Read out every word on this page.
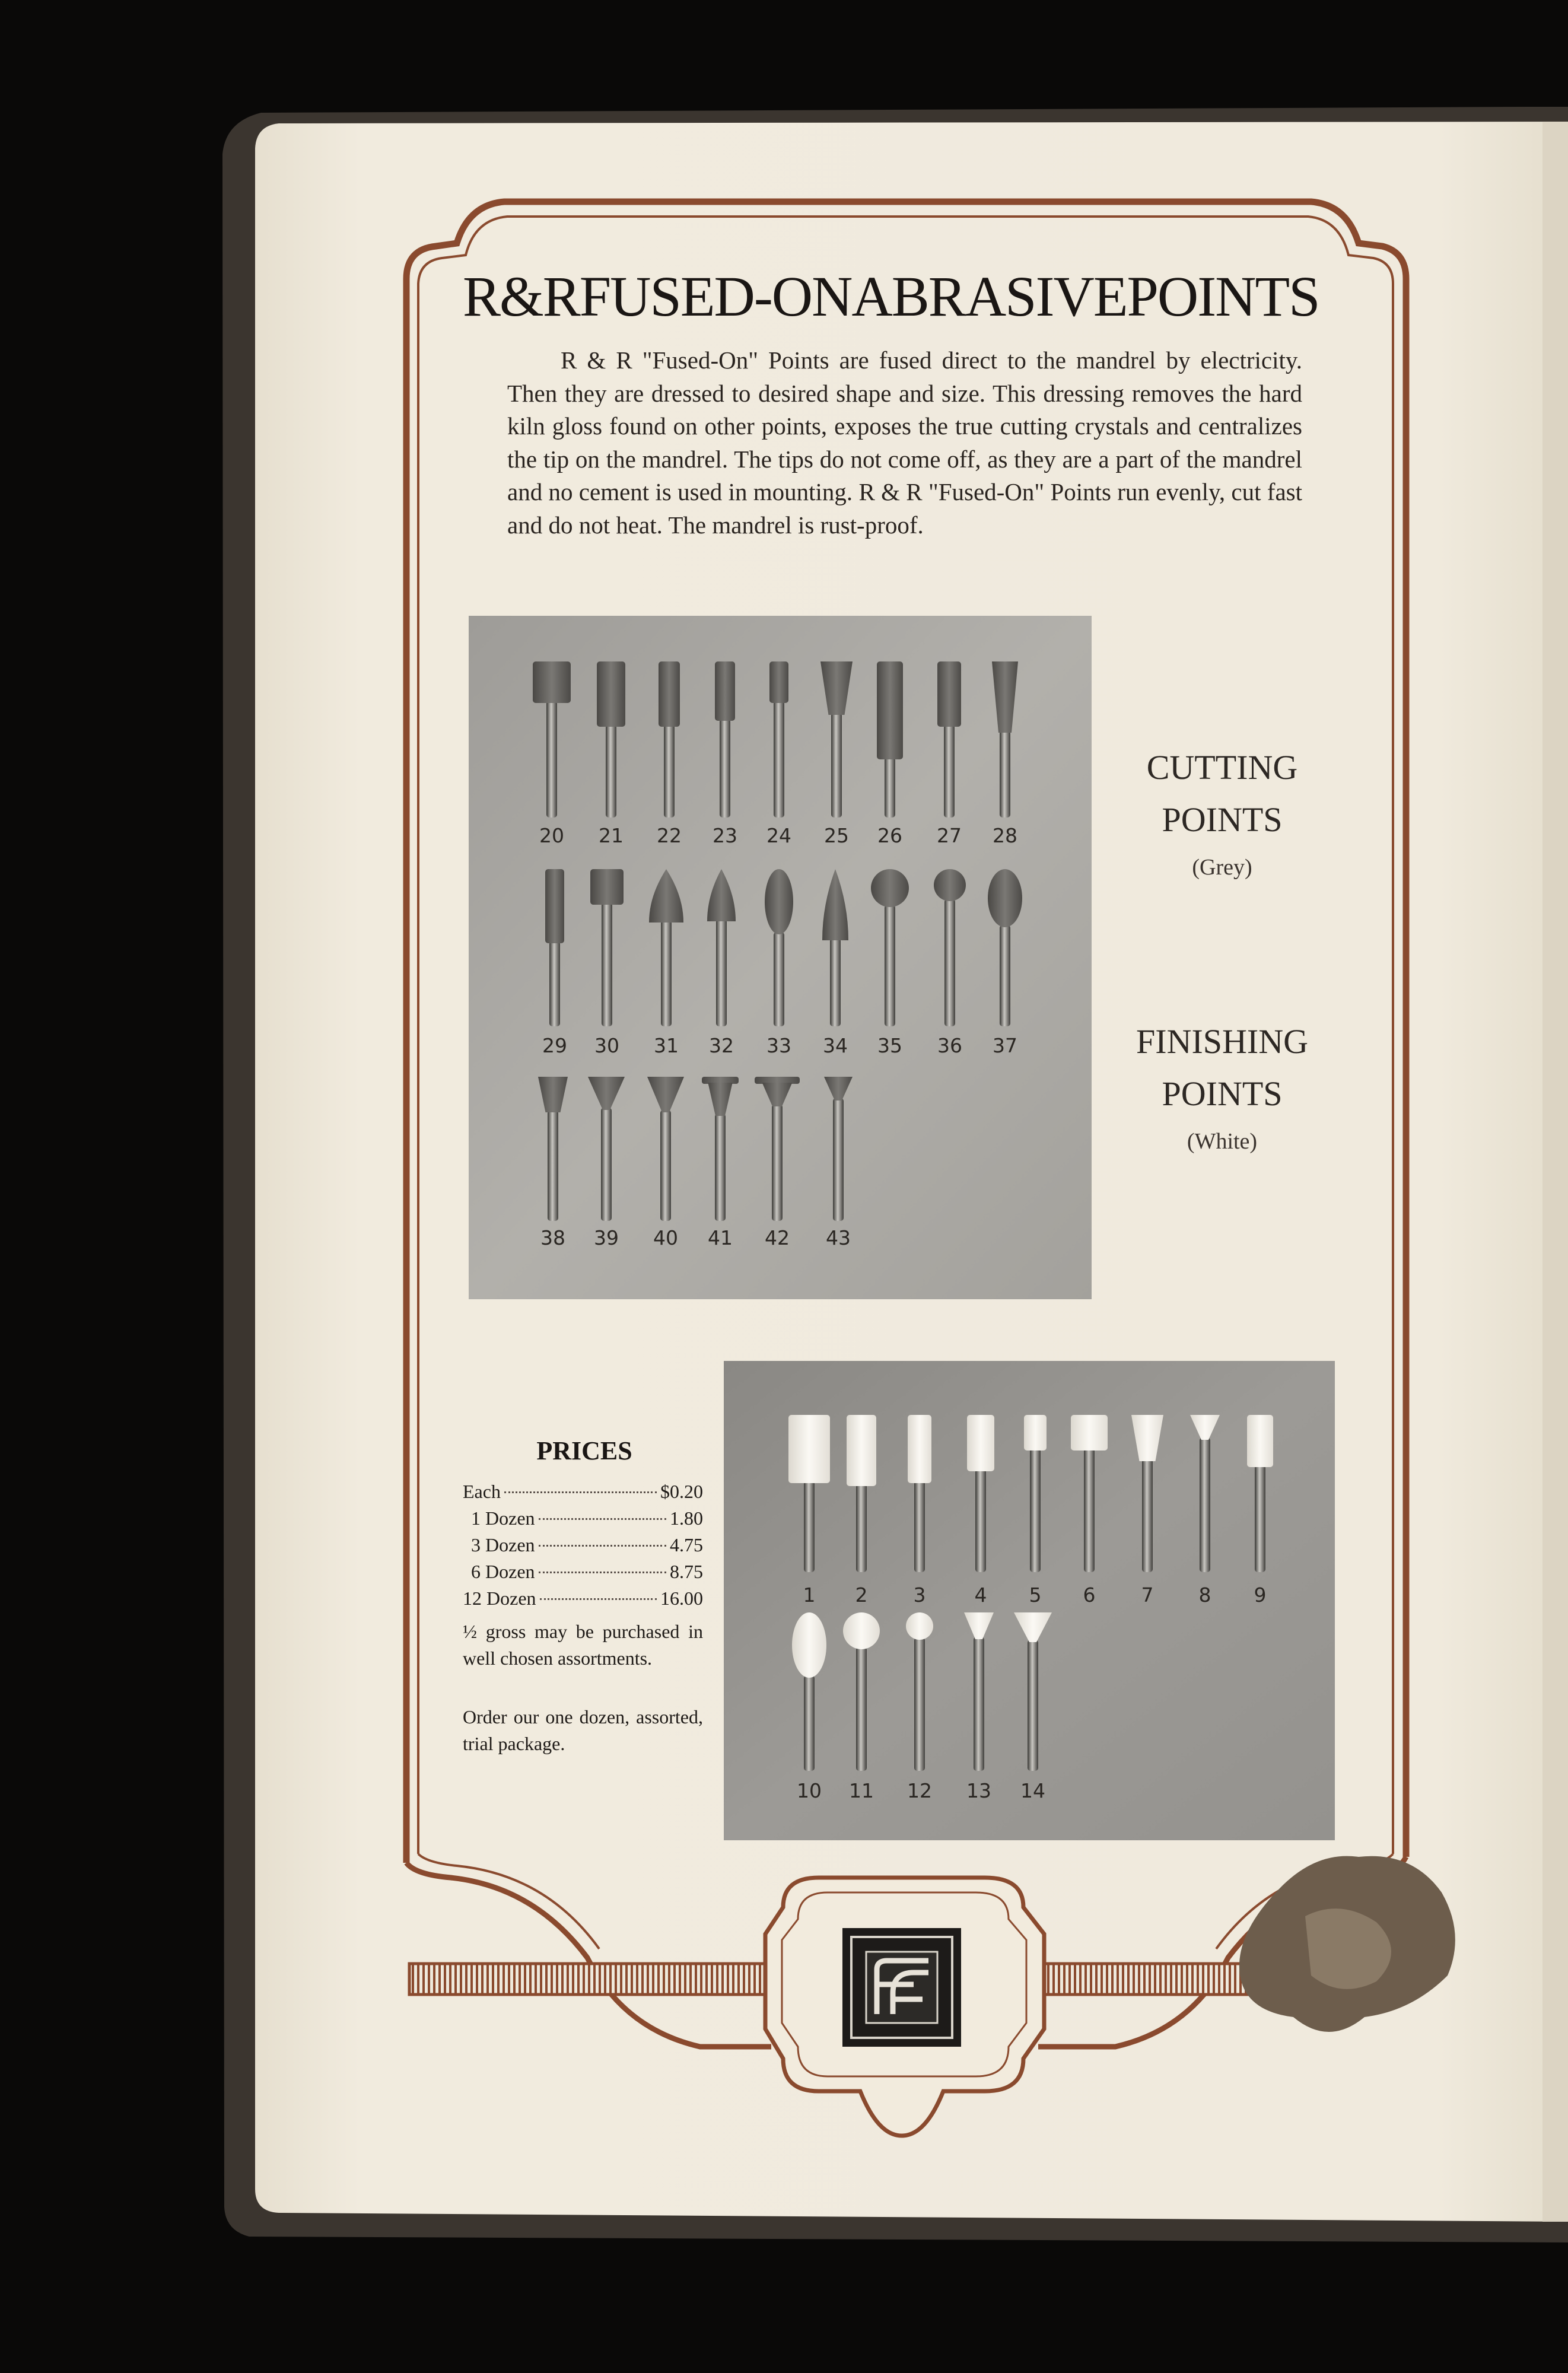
20 21 22 23 24 25 26 27 28
29 30 31 32 33 34 35 36 37
38 39 40 41 42 43
1 2 3 4 5 6 7 8 9
10 11 12 13 14
R&RFUSED-ONABRASIVEPOINTS
R & R "Fused-On" Points are fused direct to the mandrel by electricity. Then they are dressed to desired shape and size. This dressing removes the hard kiln gloss found on other points, exposes the true cutting crystals and centralizes the tip on the mandrel. The tips do not come off, as they are a part of the mandrel and no cement is used in mounting. R & R "Fused-On" Points run evenly, cut fast and do not heat. The mandrel is rust-proof.
CUTTING
POINTS
(Grey)
FINISHING
POINTS
(White)
PRICES
Each	$0.20
1 Dozen	1.80
3 Dozen	4.75
6 Dozen	8.75
12 Dozen	16.00
½ gross may be purchased in well chosen assortments.
Order our one dozen, assorted, trial package.
